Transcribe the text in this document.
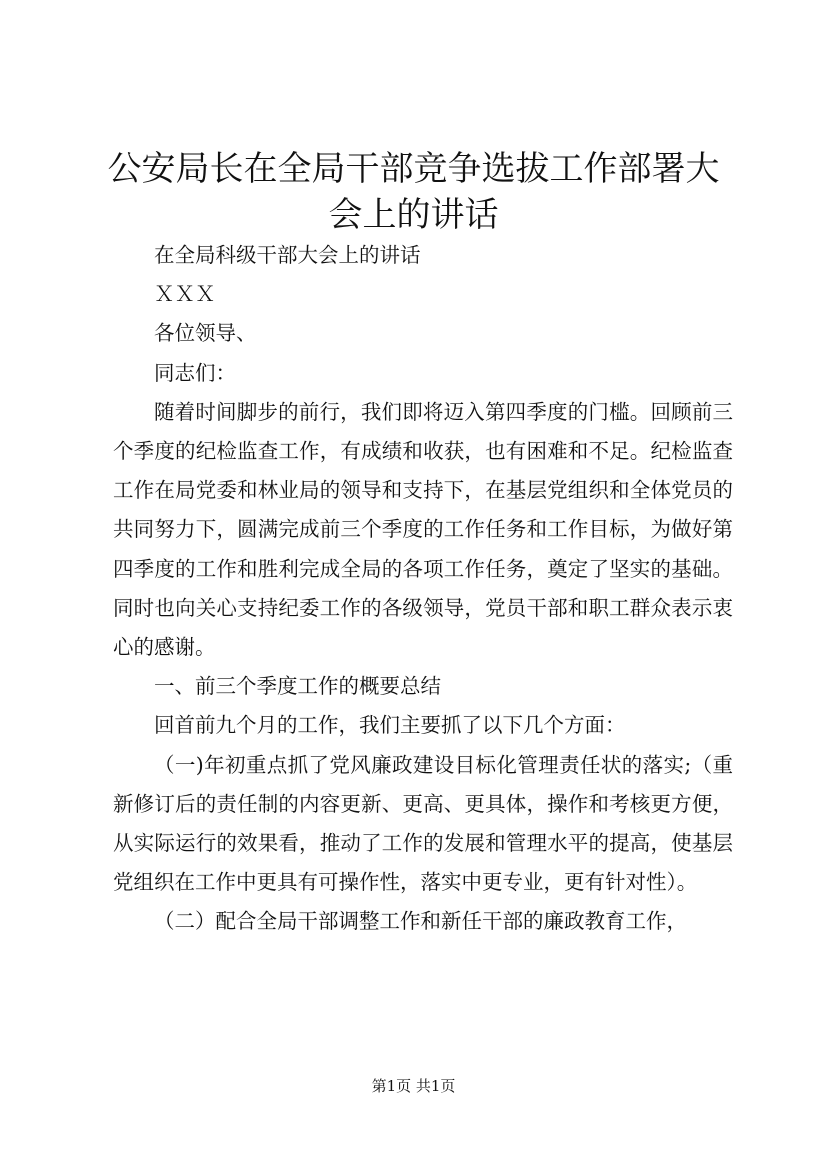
公安局长在全局干部竞争选拔工作部署大会上的讲话

在全局科级干部大会上的讲话

ＸＸＸ

各位领导、

同志们：

随着时间脚步的前行，我们即将迈入第四季度的门槛。回顾前三个季度的纪检监查工作，有成绩和收获，也有困难和不足。纪检监查工作在局党委和林业局的领导和支持下，在基层党组织和全体党员的共同努力下，圆满完成前三个季度的工作任务和工作目标，为做好第四季度的工作和胜利完成全局的各项工作任务，奠定了坚实的基础。同时也向关心支持纪委工作的各级领导，党员干部和职工群众表示衷心的感谢。

一、前三个季度工作的概要总结

回首前九个月的工作，我们主要抓了以下几个方面：

（一)年初重点抓了党风廉政建设目标化管理责任状的落实;（重新修订后的责任制的内容更新、更高、更具体，操作和考核更方便，从实际运行的效果看，推动了工作的发展和管理水平的提高，使基层党组织在工作中更具有可操作性，落实中更专业，更有针对性）。

（二）配合全局干部调整工作和新任干部的廉政教育工作，

第1页 共1页
